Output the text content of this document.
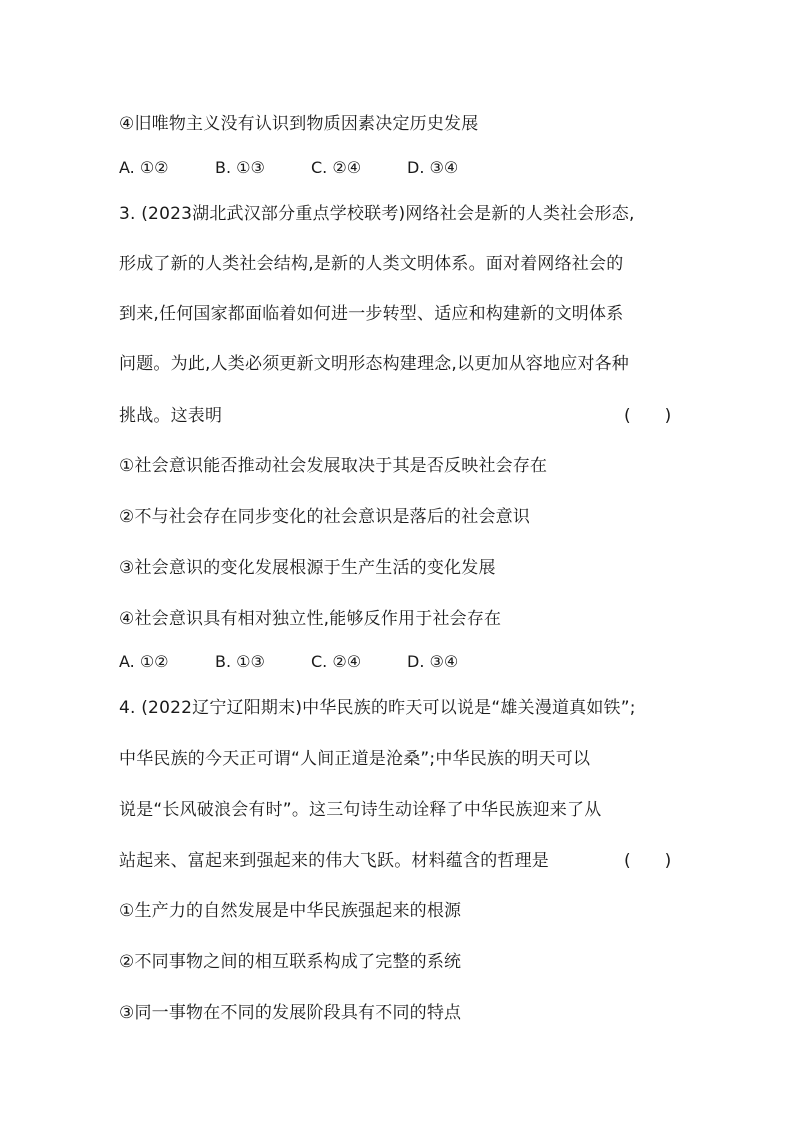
④旧唯物主义没有认识到物质因素决定历史发展
A. ①②	B. ①③	C. ②④	D. ③④
3. (2023湖北武汉部分重点学校联考)网络社会是新的人类社会形态,
形成了新的人类社会结构,是新的人类文明体系。面对着网络社会的
到来,任何国家都面临着如何进一步转型、适应和构建新的文明体系
问题。为此,人类必须更新文明形态构建理念,以更加从容地应对各种
挑战。这表明	(　　)
①社会意识能否推动社会发展取决于其是否反映社会存在
②不与社会存在同步变化的社会意识是落后的社会意识
③社会意识的变化发展根源于生产生活的变化发展
④社会意识具有相对独立性,能够反作用于社会存在
A. ①②	B. ①③	C. ②④	D. ③④
4. (2022辽宁辽阳期末)中华民族的昨天可以说是“雄关漫道真如铁”;
中华民族的今天正可谓“人间正道是沧桑”;中华民族的明天可以
说是“长风破浪会有时”。这三句诗生动诠释了中华民族迎来了从
站起来、富起来到强起来的伟大飞跃。材料蕴含的哲理是	(　　)
①生产力的自然发展是中华民族强起来的根源
②不同事物之间的相互联系构成了完整的系统
③同一事物在不同的发展阶段具有不同的特点
